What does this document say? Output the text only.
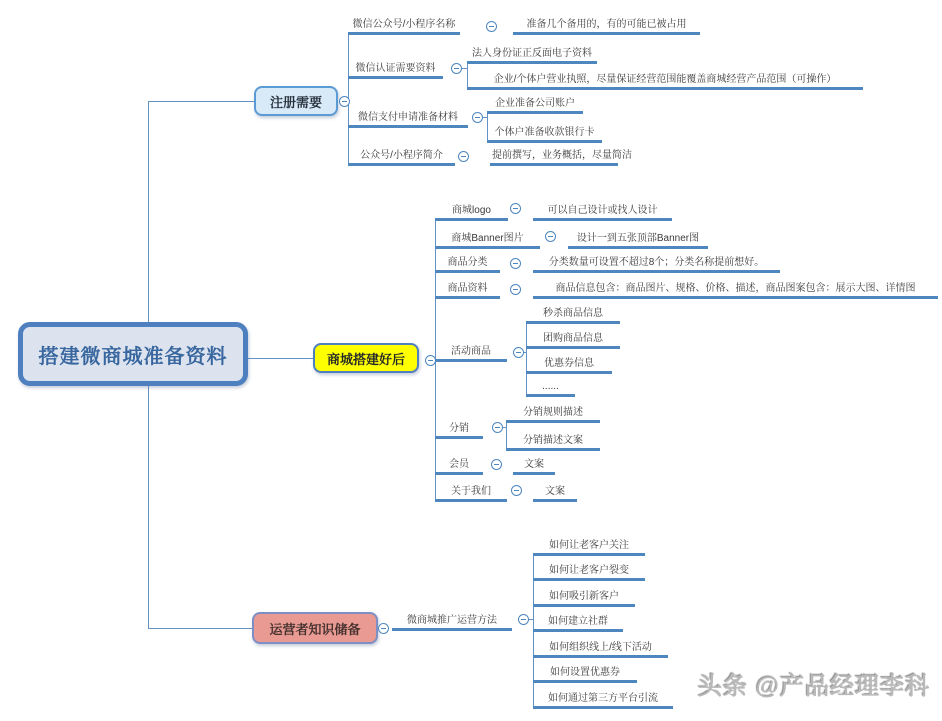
搭建微商城准备资料
注册需要
商城搭建好后
运营者知识储备
微信公众号/小程序名称	准备几个备用的，有的可能已被占用
微信认证需要资料
法人身份证正反面电子资料
企业/个体户营业执照，尽量保证经营范围能覆盖商城经营产品范围（可操作）
微信支付申请准备材料
企业准备公司账户
个体户准备收款银行卡
公众号/小程序简介	提前撰写，业务概括，尽量简洁
商城logo	可以自己设计或找人设计
商城Banner图片	设计一到五张顶部Banner图
商品分类	分类数量可设置不超过8个；分类名称提前想好。
商品资料	商品信息包含：商品图片、规格、价格、描述，商品图案包含：展示大图、详情图
活动商品
秒杀商品信息
团购商品信息
优惠券信息
......
分销
分销规则描述
分销描述文案
会员	文案
关于我们	文案
微商城推广运营方法
如何让老客户关注
如何让老客户裂变
如何吸引新客户
如何建立社群
如何组织线上/线下活动
如何设置优惠券
如何通过第三方平台引流	头条 @产品经理李科
